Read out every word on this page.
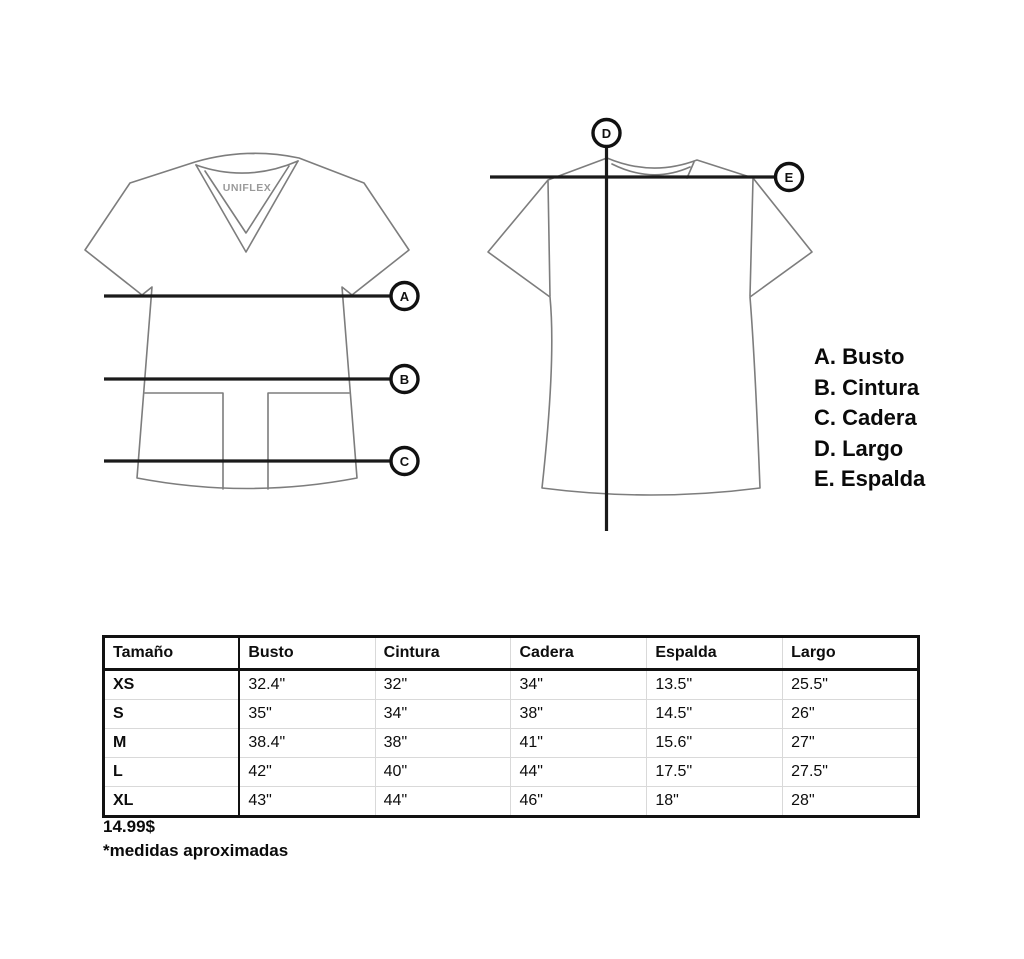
UNIFLEX
A
B
C
D
E
A. Busto
B. Cintura
C. Cadera
D. Largo
E. Espalda
Tamaño	Busto	Cintura	Cadera	Espalda	Largo
XS	32.4"	32"	34"	13.5"	25.5"
S	35"	34"	38"	14.5"	26"
M	38.4"	38"	41"	15.6"	27"
L	42"	40"	44"	17.5"	27.5"
XL	43"	44"	46"	18"	28"
14.99$
*medidas aproximadas
